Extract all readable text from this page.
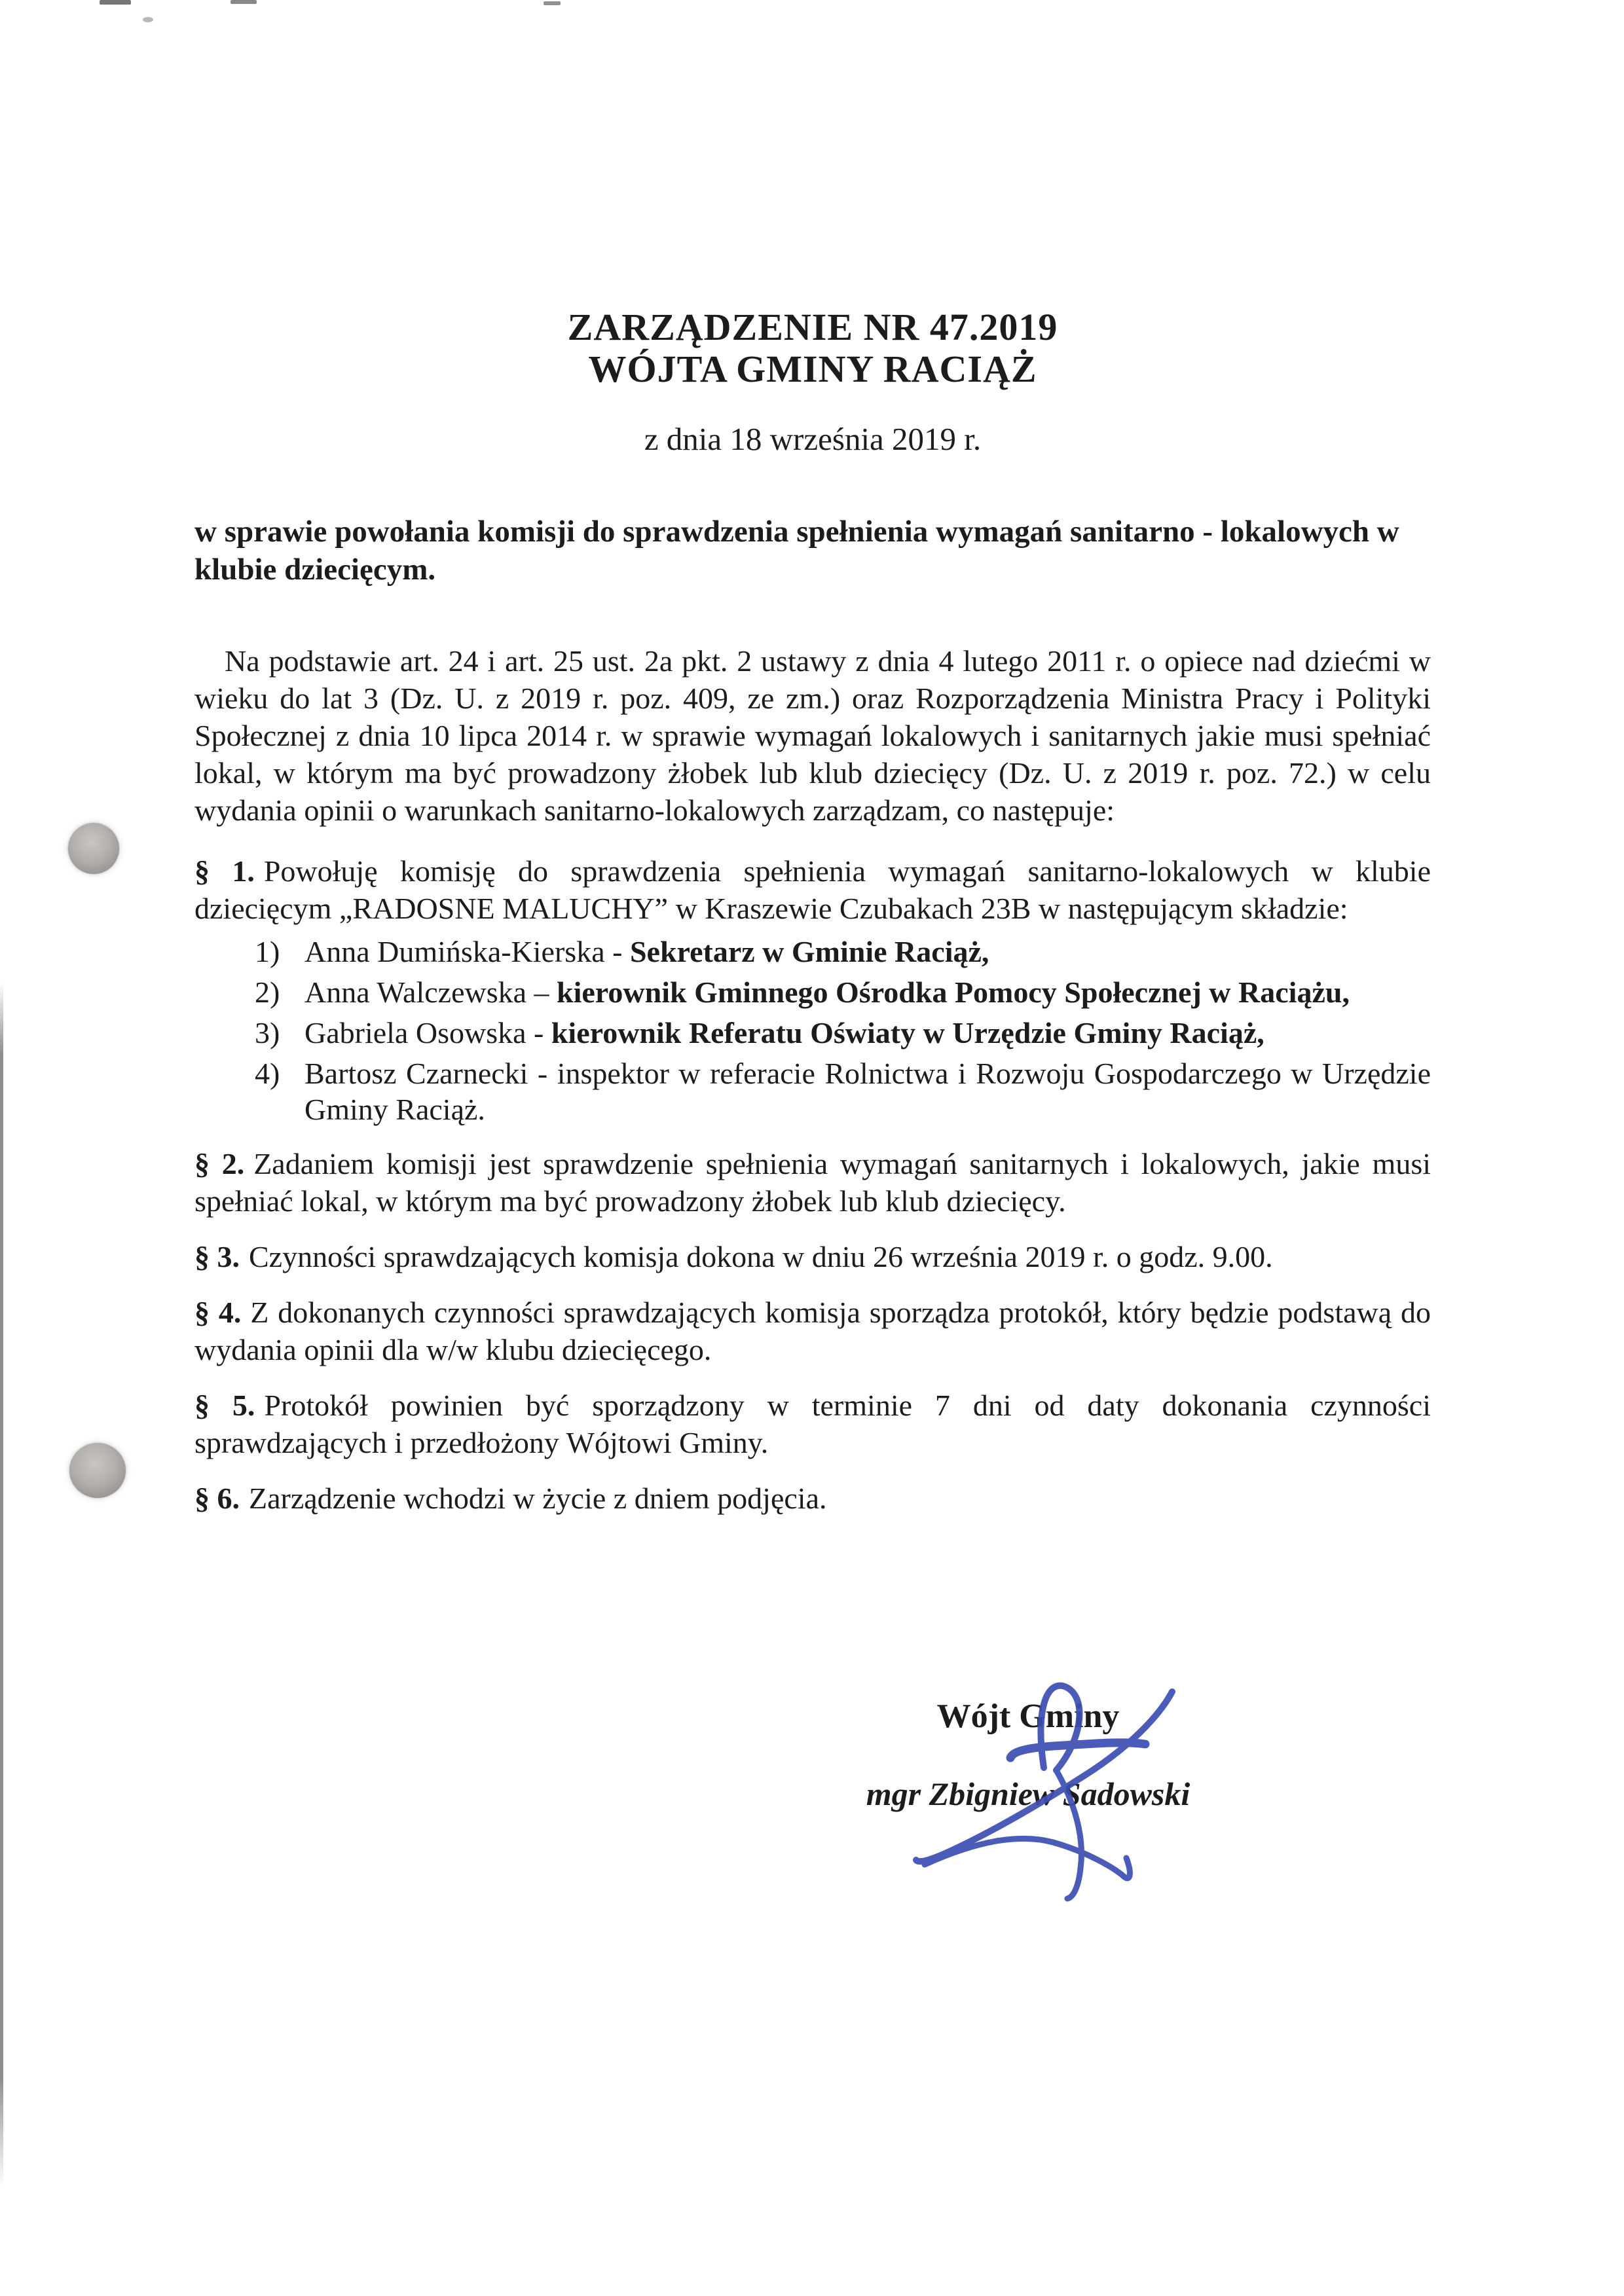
ZARZĄDZENIE NR 47.2019
WÓJTA GMINY RACIĄŻ
z dnia 18 września 2019 r.
w sprawie powołania komisji do sprawdzenia spełnienia wymagań sanitarno - lokalowych w klubie dziecięcym.

Na podstawie art. 24 i art. 25 ust. 2a pkt. 2 ustawy z dnia 4 lutego 2011 r. o opiece nad dziećmi w wieku do lat 3 (Dz. U. z 2019 r. poz. 409, ze zm.) oraz Rozporządzenia Ministra Pracy i Polityki Społecznej z dnia 10 lipca 2014 r. w sprawie wymagań lokalowych i sanitarnych jakie musi spełniać lokal, w którym ma być prowadzony żłobek lub klub dziecięcy (Dz. U. z 2019 r. poz. 72.) w celu wydania opinii o warunkach sanitarno-lokalowych zarządzam, co następuje:

§ 1. Powołuję komisję do sprawdzenia spełnienia wymagań sanitarno-lokalowych w klubie dziecięcym „RADOSNE MALUCHY” w Kraszewie Czubakach 23B w następującym składzie:

1) Anna Dumińska-Kierska - Sekretarz w Gminie Raciąż,
2) Anna Walczewska – kierownik Gminnego Ośrodka Pomocy Społecznej w Raciążu,
3) Gabriela Osowska - kierownik Referatu Oświaty w Urzędzie Gminy Raciąż,
4) Bartosz Czarnecki - inspektor w referacie Rolnictwa i Rozwoju Gospodarczego w Urzędzie Gminy Raciąż.

§ 2. Zadaniem komisji jest sprawdzenie spełnienia wymagań sanitarnych i lokalowych, jakie musi spełniać lokal, w którym ma być prowadzony żłobek lub klub dziecięcy.

§ 3. Czynności sprawdzających komisja dokona w dniu 26 września 2019 r. o godz. 9.00.

§ 4. Z dokonanych czynności sprawdzających komisja sporządza protokół, który będzie podstawą do wydania opinii dla w/w klubu dziecięcego.

§ 5. Protokół powinien być sporządzony w terminie 7 dni od daty dokonania czynności sprawdzających i przedłożony Wójtowi Gminy.

§ 6. Zarządzenie wchodzi w życie z dniem podjęcia.

Wójt Gminy
mgr Zbigniew Sadowski
